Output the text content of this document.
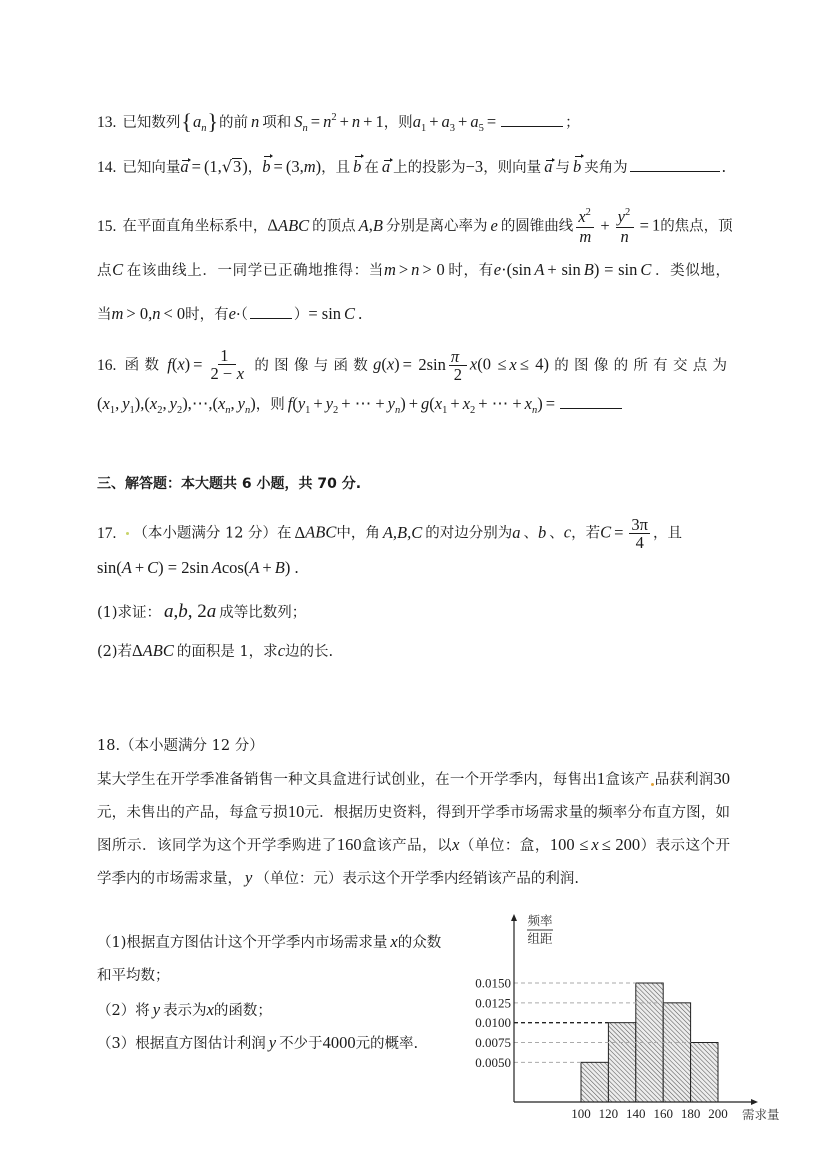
13. 已知数列$\{a_n\}$的前 n 项和 $S_n = n^2 + n + 1$，则$a_1 + a_3 + a_5$ =	；
14. 已知向量a = (1, √ 3)，b = (3,m)，且 b 在 a 上的投影为−3，则向量 a 与 b 夹角为	.
15. 在平面直角坐标系中，ΔABC 的顶点 A,B 分别是离心率为 e 的圆锥曲线 $\frac{x^2}{m} + \frac{y^2}{n} = 1$的焦点，顶
点C 在该曲线上．一同学已正确地推得：当m > n > 0 时，有e·(sin A + sin B) = sin C ．类似地，
当m > 0,n < 0时，有e·（	）= sin C .
16. 函数 $f(x) = \frac{1}{2 - x}$ 的图像与函数$g(x) = 2\sin \frac{\pi}{2} x(0 \le x \le 4)$ 的图像的所有交点为
($x_1$, $y_1),(x_2$, $y_2),\cdots,(x_n$, $y_n$)，则 $f(y_1 + y_2$ + ⋯ + $y_n) + g(x_1 + x_2$ + ⋯ + $x_n$) =
三、解答题：本大题共 6 小题，共 70 分.
17. （本小题满分 12 分）在 ΔABC中，角 A,B,C 的对边分别为a 、b 、c，若$C = \frac{3\pi}{4}$ ，且
sin(A + C) = 2sin Acos(A + B) .
(1)求证： a,b, 2a 成等比数列；
(2)若ΔABC 的面积是 1，求c边的长.
18.（本小题满分 12 分）
某大学生在开学季准备销售一种文具盒进行试创业，在一个开学季内，每售出1盒该产 品获利润30
元，未售出的产品，每盒亏损10元．根据历史资料，得到开学季市场需求量的频率分布直方图，如
图所示．该同学为这个开学季购进了160盒该产品，以x（单位：盒，100 ≤ x ≤ 200）表示这个开
学季内的市场需求量， y （单位：元）表示这个开学季内经销该产品的利润.
（1)根据直方图估计这个开学季内市场需求量 x的众数
和平均数；
（2）将 y 表示为x的函数；
（3）根据直方图估计利润 y 不少于4000元的概率.
0.0050
0.0075
0.0100
0.0125
0.0150
100 120 140 160 180 200 需求量
频率
组距
